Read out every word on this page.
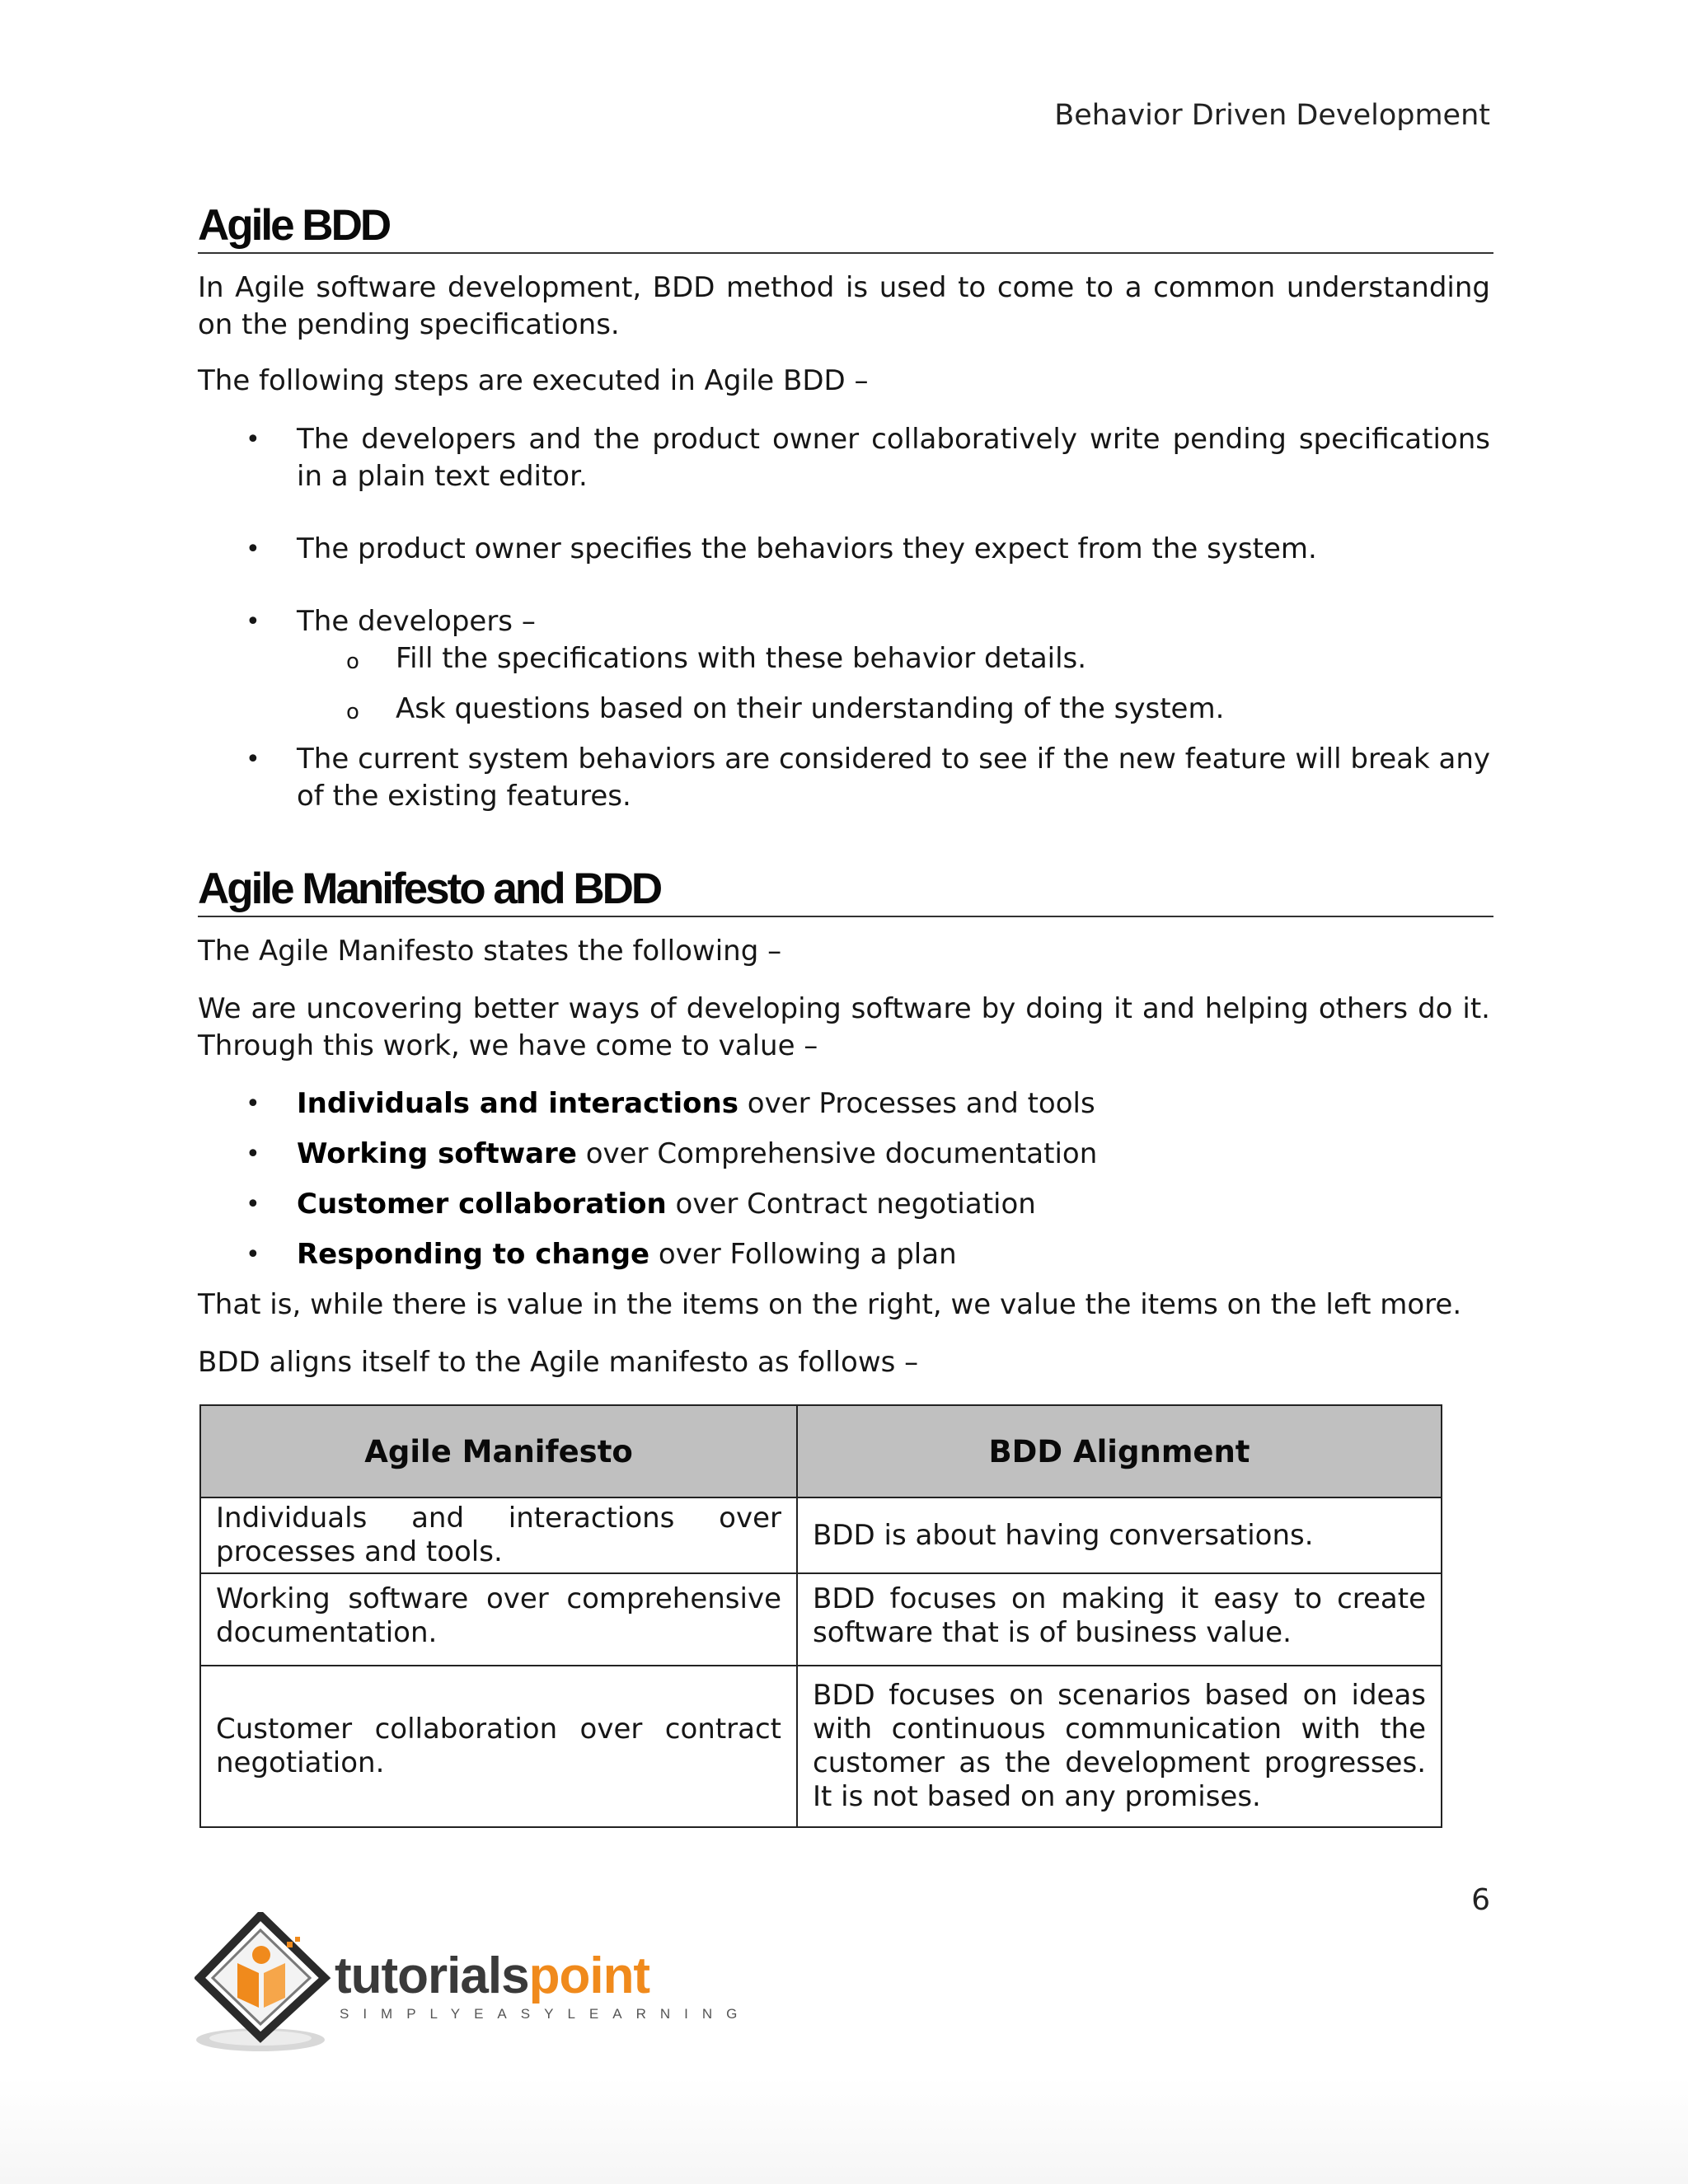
Behavior Driven Development
Agile BDD

In Agile software development, BDD method is used to come to a common understanding on the pending specifications.

The following steps are executed in Agile BDD –

• The developers and the product owner collaboratively write pending specifications in a plain text editor.
• The product owner specifies the behaviors they expect from the system.
• The developers –
o Fill the specifications with these behavior details.
o Ask questions based on their understanding of the system.
• The current system behaviors are considered to see if the new feature will break any of the existing features.
Agile Manifesto and BDD

The Agile Manifesto states the following –

We are uncovering better ways of developing software by doing it and helping others do it. Through this work, we have come to value –

• Individuals and interactions over Processes and tools
• Working software over Comprehensive documentation
• Customer collaboration over Contract negotiation
• Responding to change over Following a plan

That is, while there is value in the items on the right, we value the items on the left more.

BDD aligns itself to the Agile manifesto as follows –

Agile Manifesto	BDD Alignment
Individuals and interactions over processes and tools.	BDD is about having conversations.
Working software over comprehensive documentation.	BDD focuses on making it easy to create software that is of business value.
Customer collaboration over contract negotiation.	BDD focuses on scenarios based on ideas with continuous communication with the customer as the development progresses. It is not based on any promises.
6
tutorialspoint
SIMPLYEASYLEARNING
